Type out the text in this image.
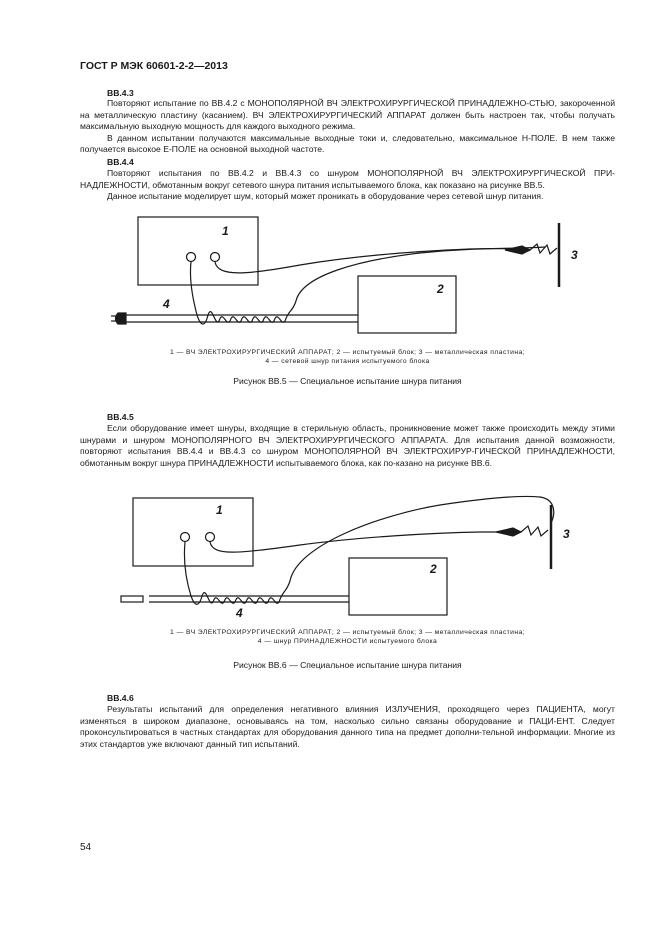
ГОСТ Р МЭК 60601-2-2—2013
ВВ.4.3

Повторяют испытание по ВВ.4.2 с МОНОПОЛЯРНОЙ ВЧ ЭЛЕКТРОХИРУРГИЧЕСКОЙ ПРИНАДЛЕЖНО-СТЬЮ, закороченной на металлическую пластину (касанием). ВЧ ЭЛЕКТРОХИРУРГИЧЕСКИЙ АППАРАТ должен быть настроен так, чтобы получать максимальную выходную мощность для каждого выходного режима.

В данном испытании получаются максимальные выходные токи и, следовательно, максимальное H-ПОЛЕ. В нем также получается высокое E-ПОЛЕ на основной выходной частоте.

ВВ.4.4

Повторяют испытания по ВВ.4.2 и ВВ.4.3 со шнуром МОНОПОЛЯРНОЙ ВЧ ЭЛЕКТРОХИРУРГИЧЕСКОЙ ПРИ-НАДЛЕЖНОСТИ, обмотанным вокруг сетевого шнура питания испытываемого блока, как показано на рисунке ВВ.5.

Данное испытание моделирует шум, который может проникать в оборудование через сетевой шнур питания.

1
2
3
4
1 — ВЧ ЭЛЕКТРОХИРУРГИЧЕСКИЙ АППАРАТ; 2 — испытуемый блок; 3 — металлическая пластина;
4 — сетевой шнур питания испытуемого блока
Рисунок ВВ.5 — Специальное испытание шнура питания
ВВ.4.5

Если оборудование имеет шнуры, входящие в стерильную область, проникновение может также происходить между этими шнурами и шнуром МОНОПОЛЯРНОГО ВЧ ЭЛЕКТРОХИРУРГИЧЕСКОГО АППАРАТА. Для испытания данной возможности, повторяют испытания ВВ.4.4 и ВВ.4.3 со шнуром МОНОПОЛЯРНОЙ ВЧ ЭЛЕКТРОХИРУР-ГИЧЕСКОЙ ПРИНАДЛЕЖНОСТИ, обмотанным вокруг шнура ПРИНАДЛЕЖНОСТИ испытываемого блока, как по-казано на рисунке ВВ.6.

1
2
3
4
1 — ВЧ ЭЛЕКТРОХИРУРГИЧЕСКИЙ АППАРАТ; 2 — испытуемый блок; 3 — металлическая пластина;
4 — шнур ПРИНАДЛЕЖНОСТИ испытуемого блока
Рисунок ВВ.6 — Специальное испытание шнура питания
ВВ.4.6

Результаты испытаний для определения негативного влияния ИЗЛУЧЕНИЯ, проходящего через ПАЦИЕНТА, могут изменяться в широком диапазоне, основываясь на том, насколько сильно связаны оборудование и ПАЦИ-ЕНТ. Следует проконсультироваться в частных стандартах для оборудования данного типа на предмет дополни-тельной информации. Многие из этих стандартов уже включают данный тип испытаний.

54
